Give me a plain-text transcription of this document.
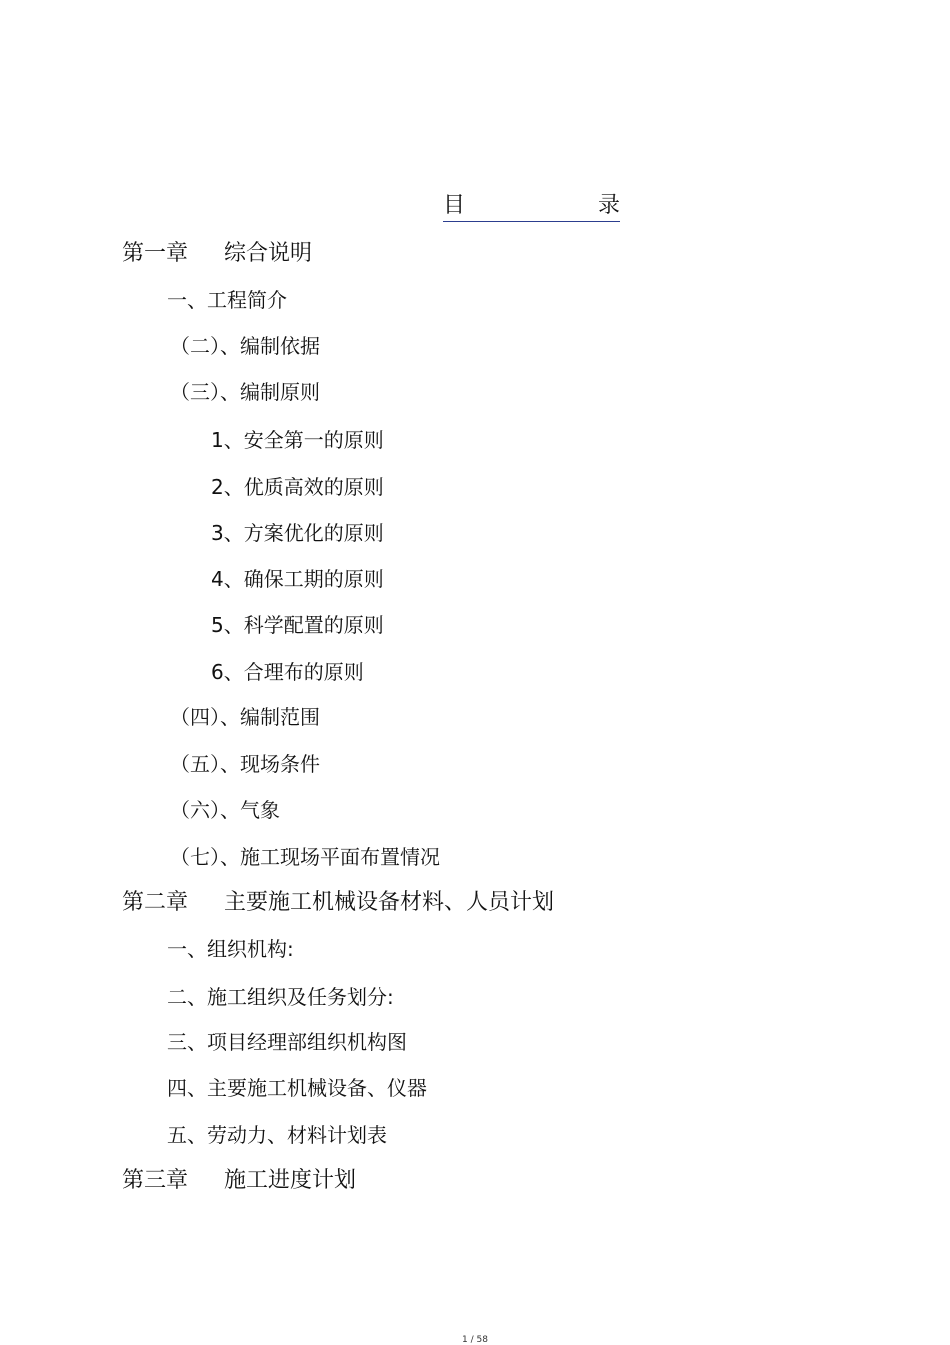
目	录
第一章 综合说明
一、工程简介
（二）、编制依据
（三）、编制原则
1、安全第一的原则
2、优质高效的原则
3、方案优化的原则
4、确保工期的原则
5、科学配置的原则
6、合理布的原则
（四）、编制范围
（五）、现场条件
（六）、气象
（七）、施工现场平面布置情况
第二章 主要施工机械设备材料、人员计划
一、组织机构:
二、施工组织及任务划分:
三、项目经理部组织机构图
四、主要施工机械设备、仪器
五、劳动力、材料计划表
第三章 施工进度计划
1 / 58
